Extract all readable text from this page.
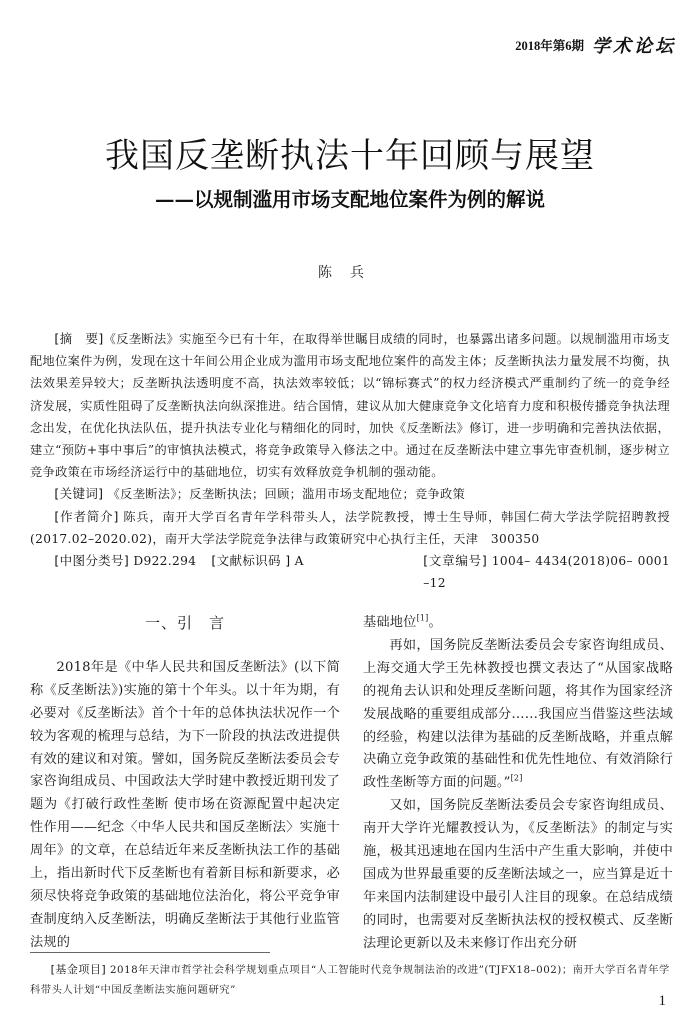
2018年第6期 学术论坛
我国反垄断执法十年回顾与展望
——以规制滥用市场支配地位案件为例的解说
陈兵

[摘　要]《反垄断法》实施至今已有十年，在取得举世瞩目成绩的同时，也暴露出诸多问题。以规制滥用市场支配地位案件为例，发现在这十年间公用企业成为滥用市场支配地位案件的高发主体；反垄断执法力量发展不均衡，执法效果差异较大；反垄断执法透明度不高，执法效率较低；以“锦标赛式”的权力经济模式严重制约了统一的竞争经济发展，实质性阻碍了反垄断执法向纵深推进。结合国情，建议从加大健康竞争文化培育力度和积极传播竞争执法理念出发，在优化执法队伍，提升执法专业化与精细化的同时，加快《反垄断法》修订，进一步明确和完善执法依据，建立“预防+事中事后”的审慎执法模式，将竞争政策导入修法之中。通过在反垄断法中建立事先审查机制，逐步树立竞争政策在市场经济运行中的基础地位，切实有效释放竞争机制的强动能。

[关键词] 《反垄断法》；反垄断执法；回顾；滥用市场支配地位；竞争政策

[作者简介] 陈兵，南开大学百名青年学科带头人，法学院教授，博士生导师，韩国仁荷大学法学院招聘教授(2017.02–2020.02)，南开大学法学院竞争法律与政策研究中心执行主任，天津　300350

[中图分类号] D922.294	[文献标识码 ] A	[文章编号] 1004– 4434(2018)06– 0001 –12

一、引　言

2018年是《中华人民共和国反垄断法》(以下简称《反垄断法》)实施的第十个年头。以十年为期，有必要对《反垄断法》首个十年的总体执法状况作一个较为客观的梳理与总结，为下一阶段的执法改进提供有效的建议和对策。譬如，国务院反垄断法委员会专家咨询组成员、中国政法大学时建中教授近期刊发了题为《打破行政性垄断 使市场在资源配置中起决定性作用——纪念〈中华人民共和国反垄断法〉实施十周年》的文章，在总结近年来反垄断执法工作的基础上，指出新时代下反垄断也有着新目标和新要求，必须尽快将竞争政策的基础地位法治化，将公平竞争审查制度纳入反垄断法，明确反垄断法于其他行业监管法规的

基础地位[1]。

再如，国务院反垄断法委员会专家咨询组成员、上海交通大学王先林教授也撰文表达了“从国家战略的视角去认识和处理反垄断问题，将其作为国家经济发展战略的重要组成部分……我国应当借鉴这些法域的经验，构建以法律为基础的反垄断战略，并重点解决确立竞争政策的基础性和优先性地位、有效消除行政性垄断等方面的问题。”[2]

又如，国务院反垄断法委员会专家咨询组成员、南开大学许光耀教授认为，《反垄断法》的制定与实施，极其迅速地在国内生活中产生重大影响，并使中国成为世界最重要的反垄断法域之一，应当算是近十年来国内法制建设中最引人注目的现象。在总结成绩的同时，也需要对反垄断执法权的授权模式、反垄断法理论更新以及未来修订作出充分研

[基金项目] 2018年天津市哲学社会科学规划重点项目“人工智能时代竞争规制法治的改进”(TJFX18–002)；南开大学百名青年学科带头人计划“中国反垄断法实施问题研究”

1
